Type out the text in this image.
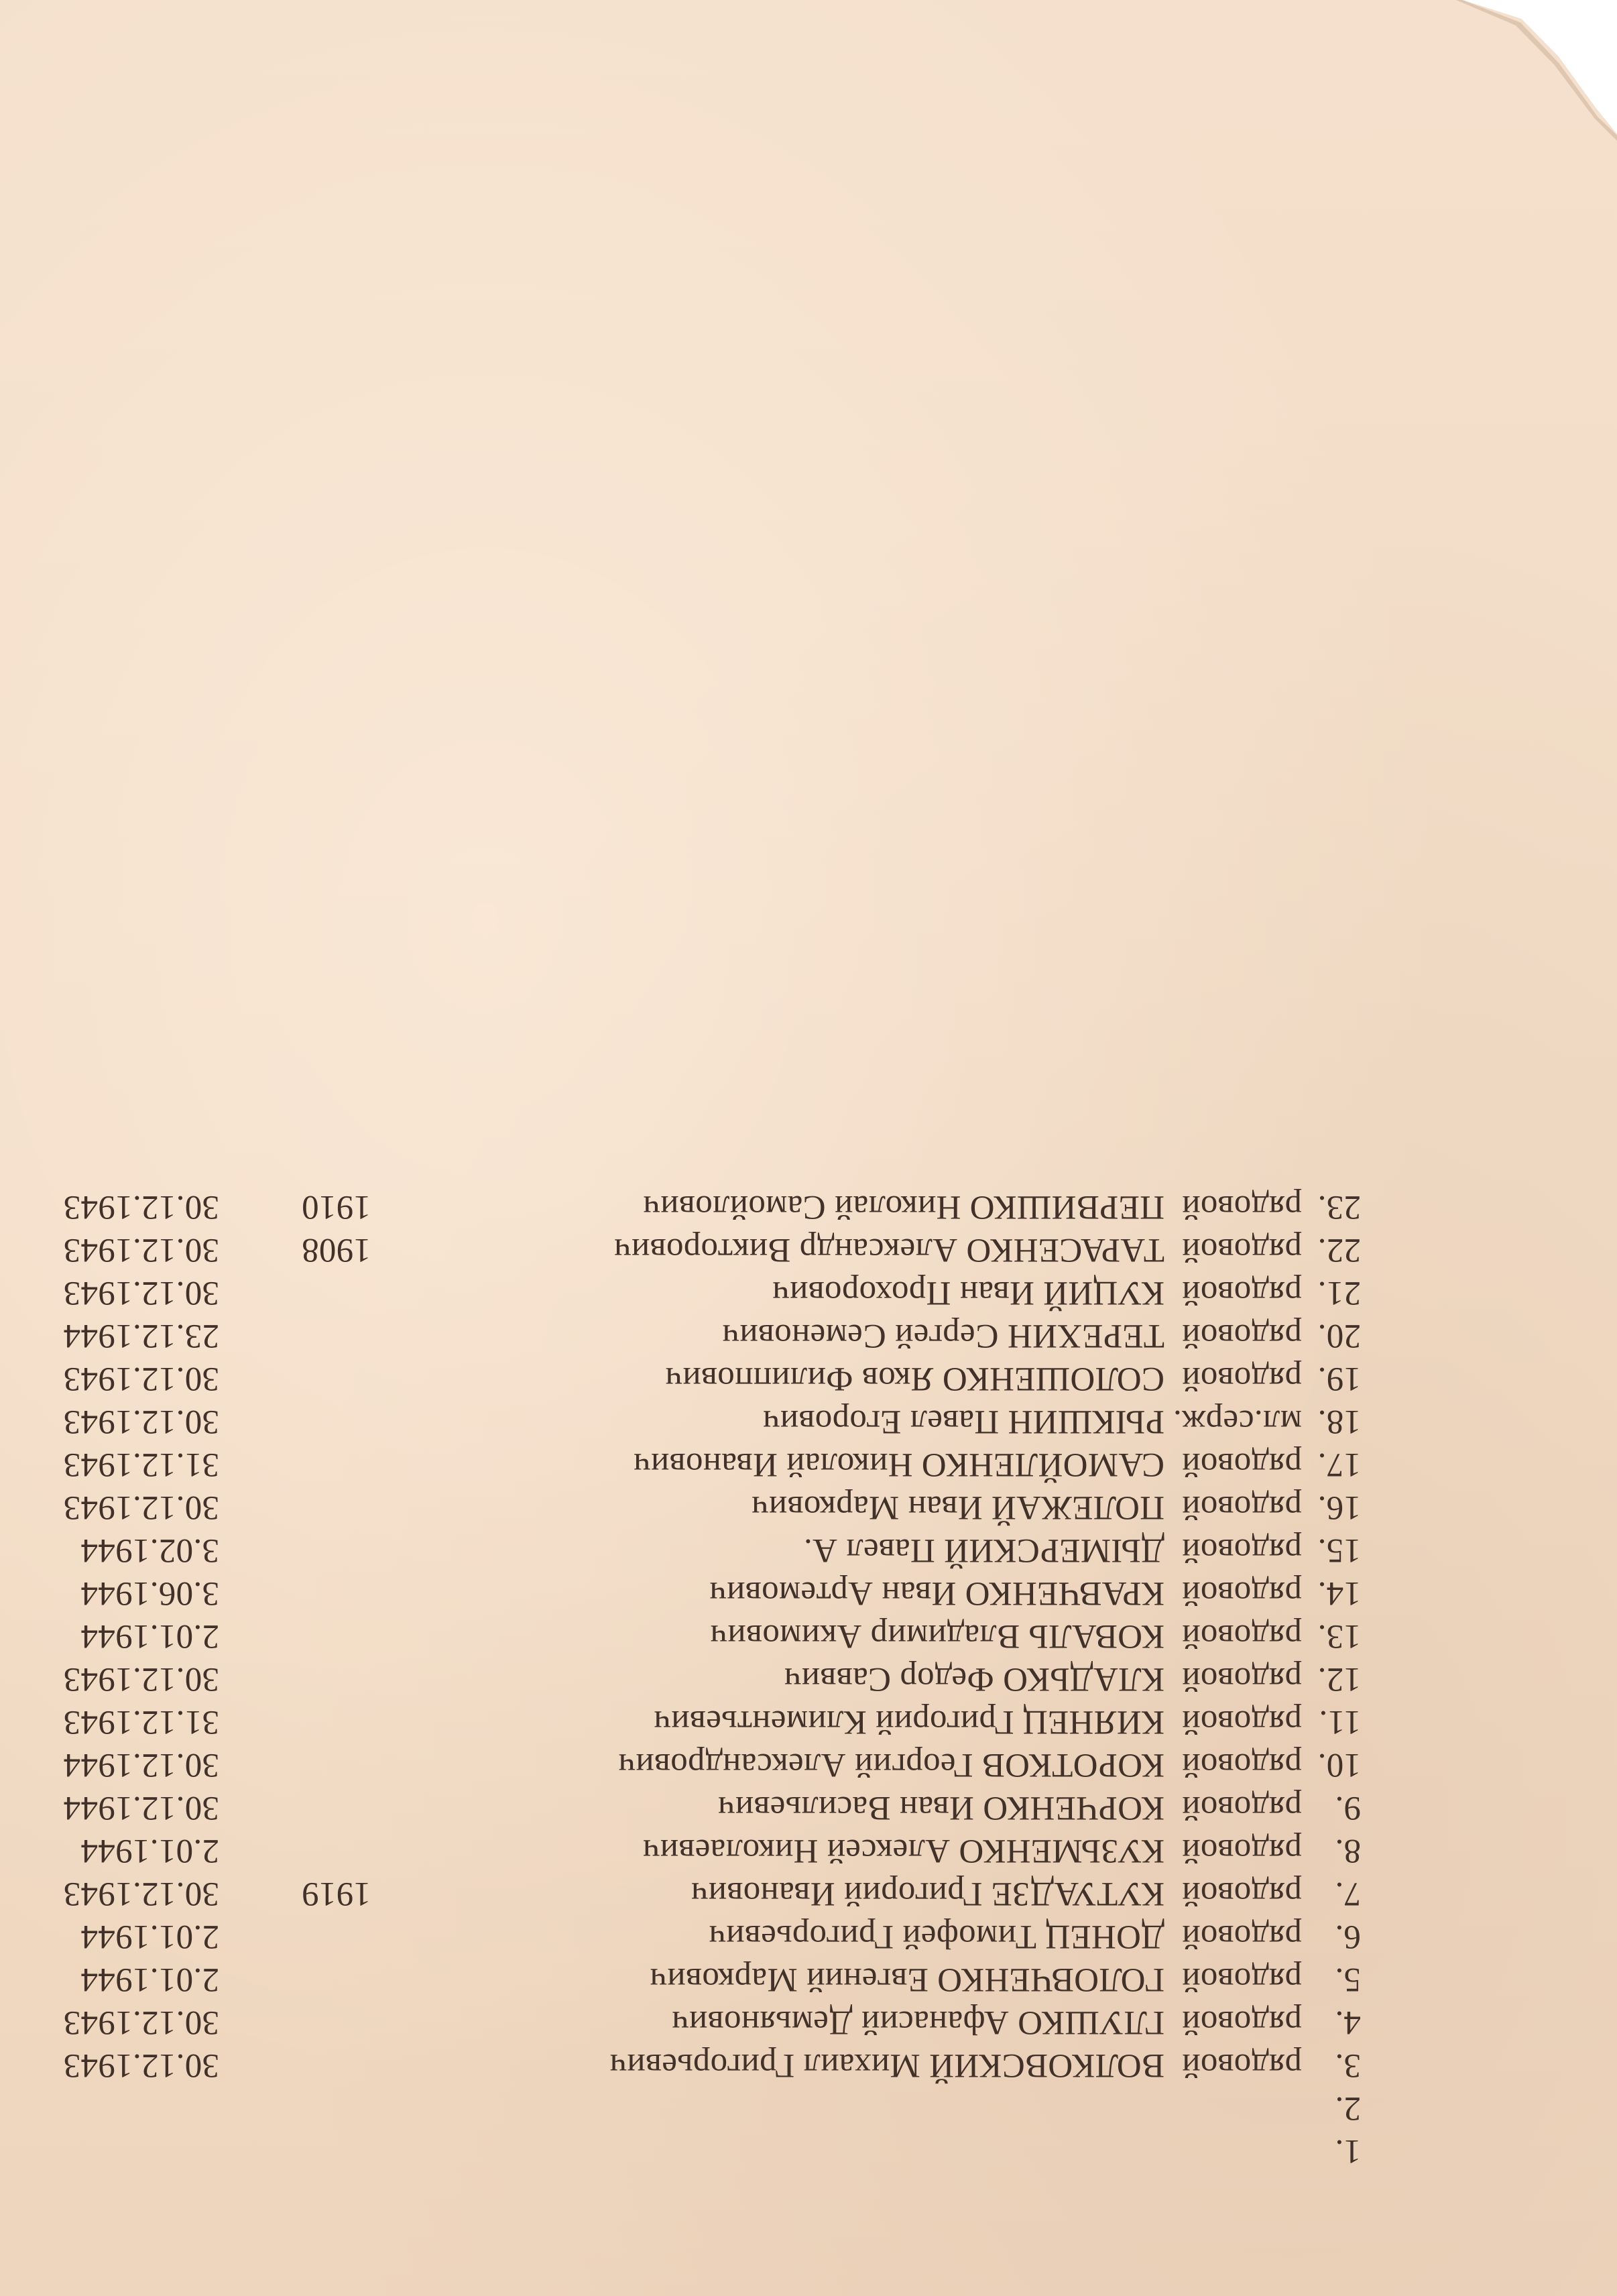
1.
2.
3.
рядовой
ВОЛКОВСКИЙ Михаил Григорьевич
30.12.1943
4.
рядовой
ГЛУШКО Афанасий Демьянович
30.12.1943
5.
рядовой
ГОЛОВЧЕНКО Евгений Маркович
2.01.1944
6.
рядовой
ДОНЕЦ Тимофей Григорьевич
2.01.1944
7.
рядовой
КУТУАДЗЕ Григорий Иванович
1919
30.12.1943
8.
рядовой
КУЗЬМЕНКО Алексей Николаевич
2.01.1944
9.
рядовой
КОРЧЕНКО Иван Васильевич
30.12.1944
10.
рядовой
КОРОТКОВ Георгий Александрович
30.12.1944
11.
рядовой
КИЯНЕЦ Григорий Климентьевич
31.12.1943
12.
рядовой
КЛАДЬКО Федор Саввич
30.12.1943
13.
рядовой
КОВАЛЬ Владимир Акимович
2.01.1944
14.
рядовой
КРАВЧЕНКО Иван Артемович
3.06.1944
15.
рядовой
ДЫМЕРСКИЙ Павел А.
3.02.1944
16.
рядовой
ПОЛЕЖАЙ Иван Маркович
30.12.1943
17.
рядовой
САМОЙЛЕНКО Николай Иванович
31.12.1943
18.
мл.серж.
РЫКШИН Павел Егорович
30.12.1943
19.
рядовой
СОЛОШЕНКО Яков Филиппович
30.12.1943
20.
рядовой
ТЕРЕХИН Сергей Семенович
23.12.1944
21.
рядовой
КУЦИЙ Иван Прохорович
30.12.1943
22.
рядовой
ТАРАСЕНКО Александр Викторович
1908
30.12.1943
23.
рядовой
ПЕРВИШКО Николай Самойлович
1910
30.12.1943
